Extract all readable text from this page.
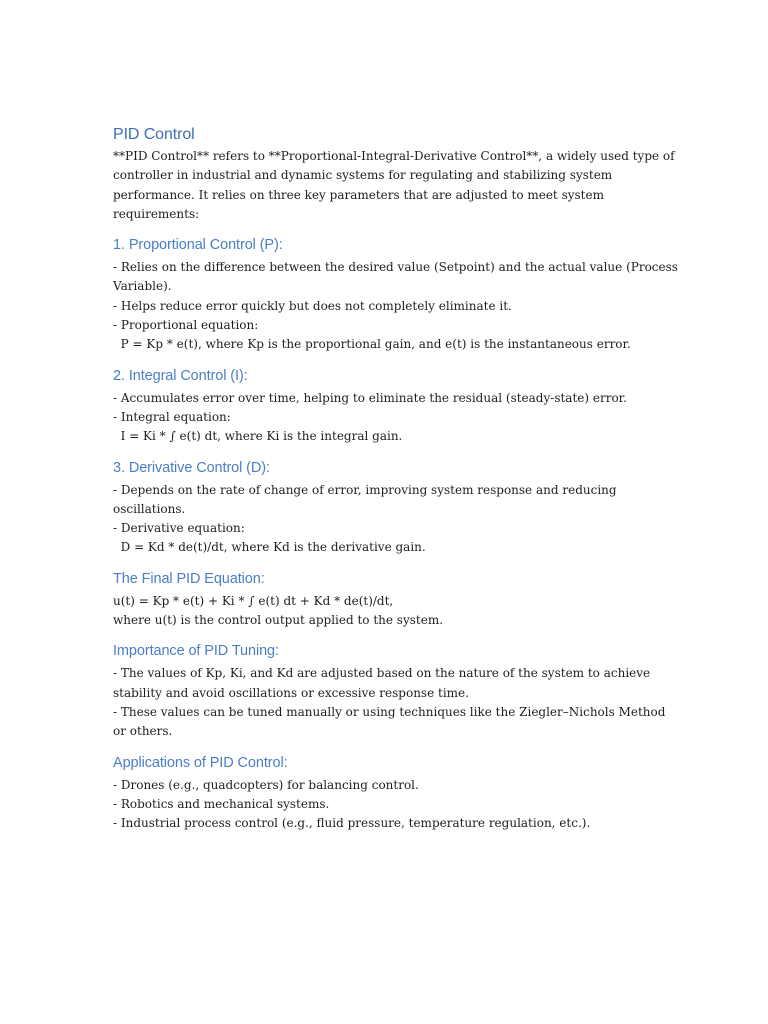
PID Control

**PID Control** refers to **Proportional-Integral-Derivative Control**, a widely used type of

controller in industrial and dynamic systems for regulating and stabilizing system

performance. It relies on three key parameters that are adjusted to meet system

requirements:

1. Proportional Control (P):

- Relies on the difference between the desired value (Setpoint) and the actual value (Process

Variable).

- Helps reduce error quickly but does not completely eliminate it.

- Proportional equation:

P = Kp * e(t), where Kp is the proportional gain, and e(t) is the instantaneous error.

2. Integral Control (I):

- Accumulates error over time, helping to eliminate the residual (steady-state) error.

- Integral equation:

I = Ki * ∫ e(t) dt, where Ki is the integral gain.

3. Derivative Control (D):

- Depends on the rate of change of error, improving system response and reducing

oscillations.

- Derivative equation:

D = Kd * de(t)/dt, where Kd is the derivative gain.

The Final PID Equation:

u(t) = Kp * e(t) + Ki * ∫ e(t) dt + Kd * de(t)/dt,

where u(t) is the control output applied to the system.

Importance of PID Tuning:

- The values of Kp, Ki, and Kd are adjusted based on the nature of the system to achieve

stability and avoid oscillations or excessive response time.

- These values can be tuned manually or using techniques like the Ziegler–Nichols Method

or others.

Applications of PID Control:

- Drones (e.g., quadcopters) for balancing control.

- Robotics and mechanical systems.

- Industrial process control (e.g., fluid pressure, temperature regulation, etc.).
